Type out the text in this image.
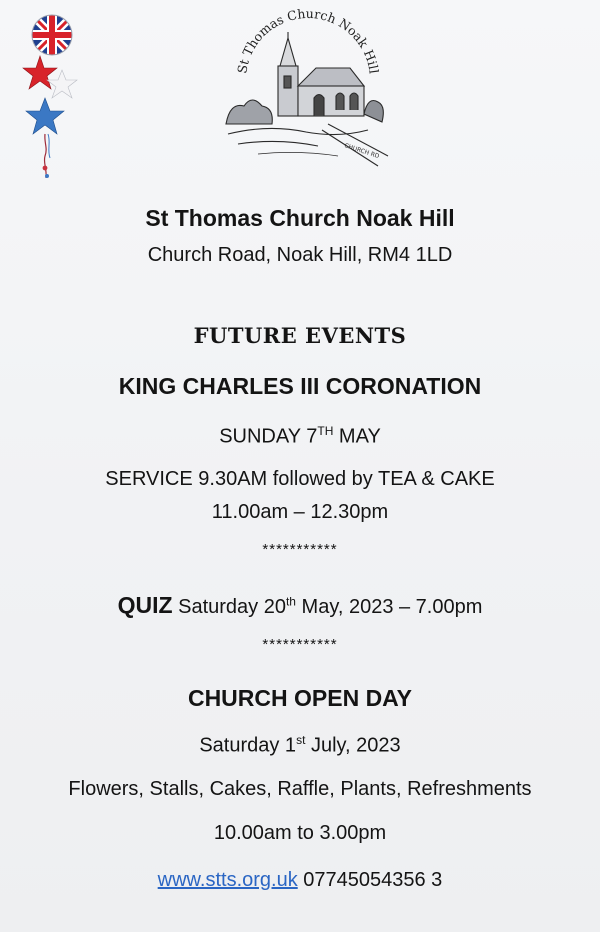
St Thomas Church Noak Hill
CHURCH RD
St Thomas Church Noak Hill
Church Road, Noak Hill, RM4 1LD
FUTURE EVENTS
KING CHARLES III CORONATION
SUNDAY 7TH MAY
SERVICE 9.30AM followed by TEA & CAKE
11.00am – 12.30pm
***********
QUIZ Saturday 20th May, 2023 – 7.00pm
***********
CHURCH OPEN DAY
Saturday 1st July, 2023
Flowers, Stalls, Cakes, Raffle, Plants, Refreshments
10.00am to 3.00pm
www.stts.org.uk 07745054356 3
